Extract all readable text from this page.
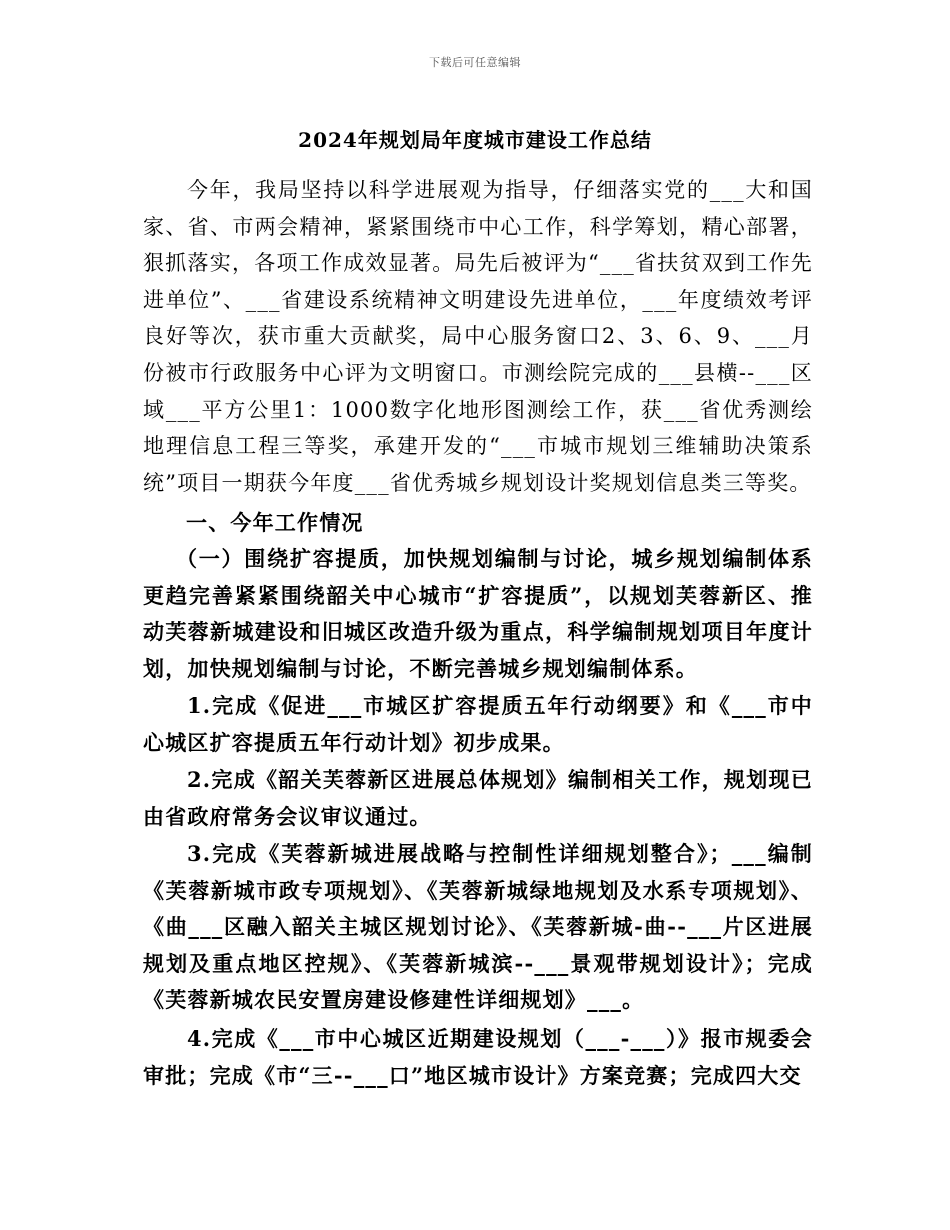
下载后可任意编辑
2024年规划局年度城市建设工作总结
今年，我局坚持以科学进展观为指导，仔细落实党的___大和国家、省、市两会精神，紧紧围绕市中心工作，科学筹划，精心部署，狠抓落实，各项工作成效显著。局先后被评为“___省扶贫双到工作先进单位”、___省建设系统精神文明建设先进单位，___年度绩效考评良好等次，获市重大贡献奖，局中心服务窗口2、3、6、9、___月份被市行政服务中心评为文明窗口。市测绘院完成的___县横--___区域___平方公里1：1000数字化地形图测绘工作，获___省优秀测绘地理信息工程三等奖，承建开发的“___市城市规划三维辅助决策系统”项目一期获今年度___省优秀城乡规划设计奖规划信息类三等奖。
一、今年工作情况
（一）围绕扩容提质，加快规划编制与讨论，城乡规划编制体系更趋完善紧紧围绕韶关中心城市“扩容提质”，以规划芙蓉新区、推动芙蓉新城建设和旧城区改造升级为重点，科学编制规划项目年度计划，加快规划编制与讨论，不断完善城乡规划编制体系。
1.完成《促进___市城区扩容提质五年行动纲要》和《___市中心城区扩容提质五年行动计划》初步成果。
2.完成《韶关芙蓉新区进展总体规划》编制相关工作，规划现已由省政府常务会议审议通过。
3.完成《芙蓉新城进展战略与控制性详细规划整合》；___编制《芙蓉新城市政专项规划》、《芙蓉新城绿地规划及水系专项规划》、《曲___区融入韶关主城区规划讨论》、《芙蓉新城-曲--___片区进展规划及重点地区控规》、《芙蓉新城滨--___景观带规划设计》；完成《芙蓉新城农民安置房建设修建性详细规划》___。
4.完成《___市中心城区近期建设规划（___-___）》报市规委会审批；完成《市“三--___口”地区城市设计》方案竞赛；完成四大交
